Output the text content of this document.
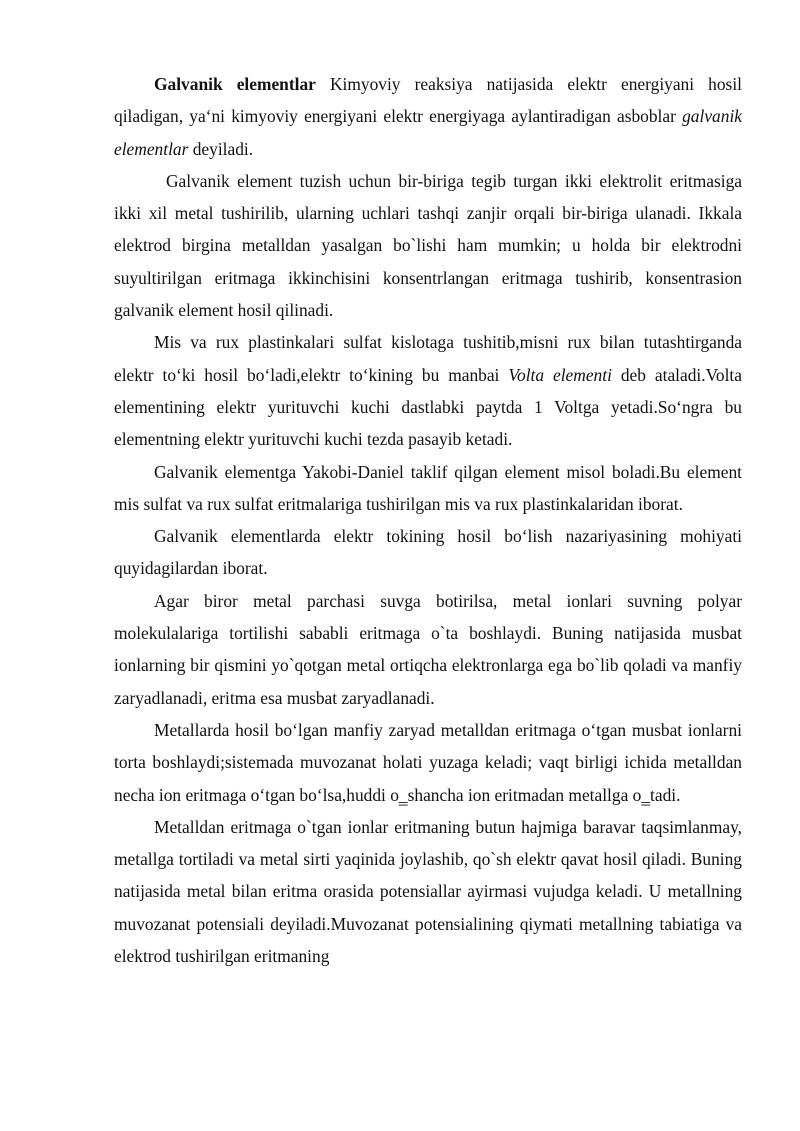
Galvanik elementlar Kimyoviy reaksiya natijasida elektr energiyani hosil qiladigan, ya‘ni kimyoviy energiyani elektr energiyaga aylantiradigan asboblar galvanik elementlar deyiladi.

Galvanik element tuzish uchun bir-biriga tegib turgan ikki elektrolit eritmasiga ikki xil metal tushirilib, ularning uchlari tashqi zanjir orqali bir-biriga ulanadi. Ikkala elektrod birgina metalldan yasalgan bo`lishi ham mumkin; u holda bir elektrodni suyultirilgan eritmaga ikkinchisini konsentrlangan eritmaga tushirib, konsentrasion galvanik element hosil qilinadi.

Mis va rux plastinkalari sulfat kislotaga tushitib,misni rux bilan tutashtirganda elektr to‘ki hosil bo‘ladi,elektr to‘kining bu manbai Volta elementi deb ataladi.Volta elementining elektr yurituvchi kuchi dastlabki paytda 1 Voltga yetadi.So‘ngra bu elementning elektr yurituvchi kuchi tezda pasayib ketadi.

Galvanik elementga Yakobi-Daniel taklif qilgan element misol boladi.Bu element mis sulfat va rux sulfat eritmalariga tushirilgan mis va rux plastinkalaridan iborat.

Galvanik elementlarda elektr tokining hosil bo‘lish nazariyasining mohiyati quyidagilardan iborat.

Agar biror metal parchasi suvga botirilsa, metal ionlari suvning polyar molekulalariga tortilishi sababli eritmaga o`ta boshlaydi. Buning natijasida musbat ionlarning bir qismini yo`qotgan metal ortiqcha elektronlarga ega bo`lib qoladi va manfiy zaryadlanadi, eritma esa musbat zaryadlanadi.

Metallarda hosil bo‘lgan manfiy zaryad metalldan eritmaga o‘tgan musbat ionlarni torta boshlaydi;sistemada muvozanat holati yuzaga keladi; vaqt birligi ichida metalldan necha ion eritmaga o‘tgan bo‘lsa,huddi o‗shancha ion eritmadan metallga o‗tadi.

Metalldan eritmaga o`tgan ionlar eritmaning butun hajmiga baravar taqsimlanmay, metallga tortiladi va metal sirti yaqinida joylashib, qo`sh elektr qavat hosil qiladi. Buning natijasida metal bilan eritma orasida potensiallar ayirmasi vujudga keladi. U metallning muvozanat potensiali deyiladi.Muvozanat potensialining qiymati metallning tabiatiga va elektrod tushirilgan eritmaning
